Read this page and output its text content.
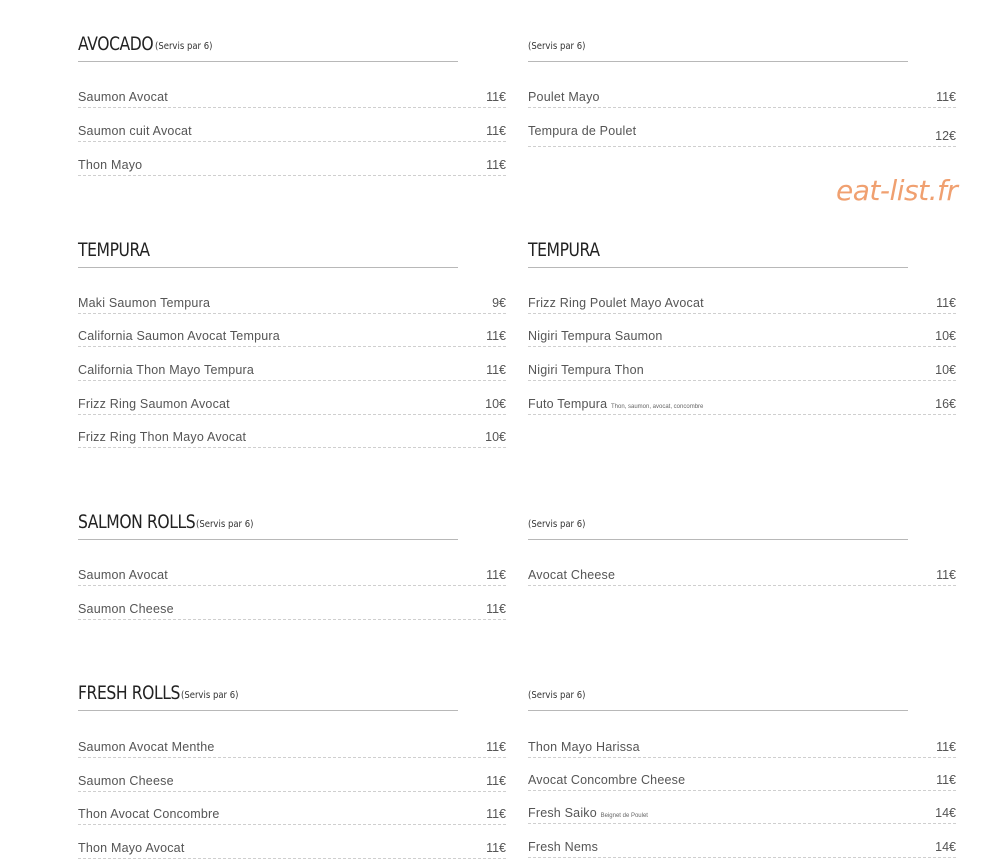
AVOCADO (Servis par 6)
Saumon Avocat	11€
Saumon cuit Avocat	11€
Thon Mayo	11€
(Servis par 6)
Poulet Mayo	11€
Tempura de Poulet	12€
eat-list.fr
TEMPURA
Maki Saumon Tempura	9€
California Saumon Avocat Tempura	11€
California Thon Mayo Tempura	11€
Frizz Ring Saumon Avocat	10€
Frizz Ring Thon Mayo Avocat	10€
TEMPURA
Frizz Ring Poulet Mayo Avocat	11€
Nigiri Tempura Saumon	10€
Nigiri Tempura Thon	10€
Futo Tempura Thon, saumon, avocat, concombre	16€
SALMON ROLLS (Servis par 6)
Saumon Avocat	11€
Saumon Cheese	11€
(Servis par 6)
Avocat Cheese	11€
FRESH ROLLS (Servis par 6)
Saumon Avocat Menthe	11€
Saumon Cheese	11€
Thon Avocat Concombre	11€
Thon Mayo Avocat	11€
(Servis par 6)
Thon Mayo Harissa	11€
Avocat Concombre Cheese	11€
Fresh Saiko Beignet de Poulet	14€
Fresh Nems	14€
